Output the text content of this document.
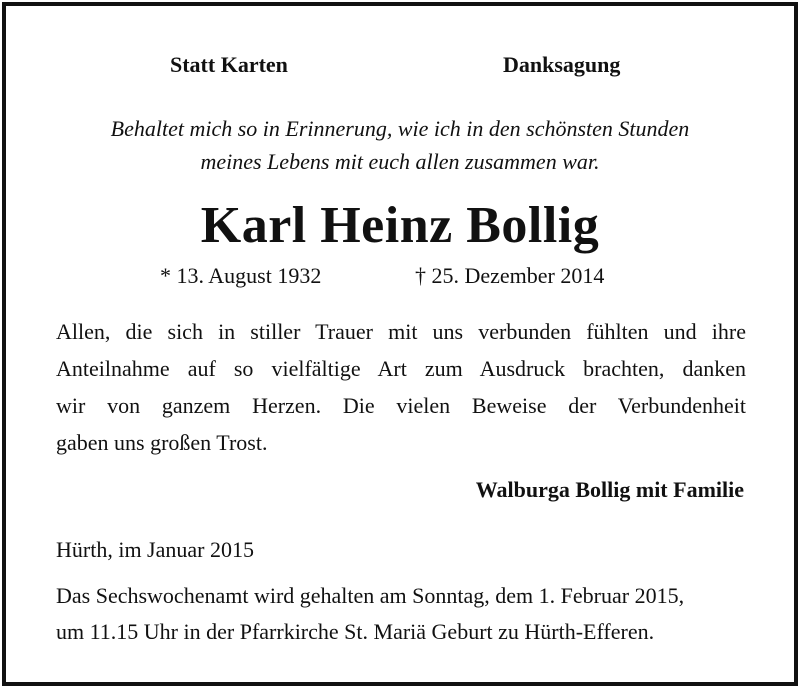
Statt Karten	Danksagung
Behaltet mich so in Erinnerung, wie ich in den schönsten Stunden
meines Lebens mit euch allen zusammen war.
Karl Heinz Bollig
* 13. August 1932	† 25. Dezember 2014
Allen, die sich in stiller Trauer mit uns verbunden fühlten und ihre
Anteilnahme auf so vielfältige Art zum Ausdruck brachten, danken
wir von ganzem Herzen. Die vielen Beweise der Verbundenheit
gaben uns großen Trost.
Walburga Bollig mit Familie
Hürth, im Januar 2015
Das Sechswochenamt wird gehalten am Sonntag, dem 1. Februar 2015,
um 11.15 Uhr in der Pfarrkirche St. Mariä Geburt zu Hürth-Efferen.
